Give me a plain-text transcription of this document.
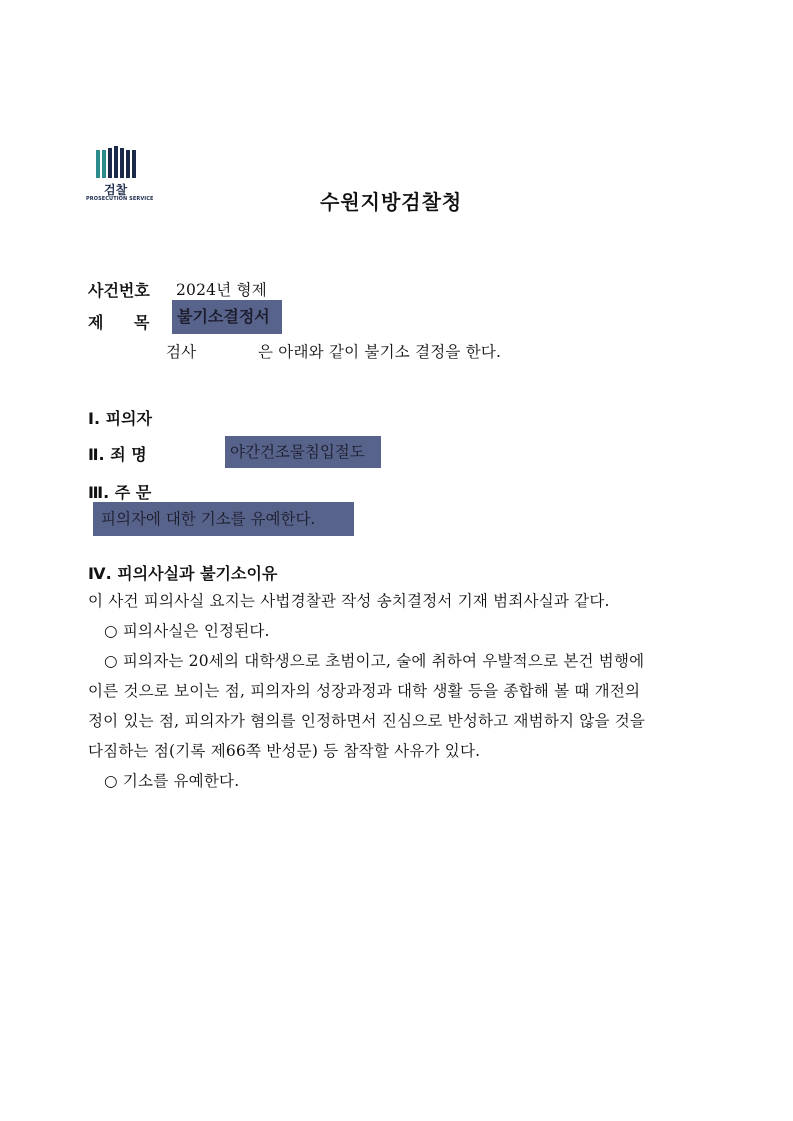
검찰
PROSECUTION SERVICE	수원지방검찰청
사건번호 2024년 형제
제 목	불기소결정서
검사	은 아래와 같이 불기소 결정을 한다.
Ⅰ. 피의자
Ⅱ. 죄 명	야간건조물침입절도
Ⅲ. 주 문
피의자에 대한 기소를 유예한다.
Ⅳ. 피의사실과 불기소이유
이 사건 피의사실 요지는 사법경찰관 작성 송치결정서 기재 범죄사실과 같다.
○ 피의사실은 인정된다.
○ 피의자는 20세의 대학생으로 초범이고, 술에 취하여 우발적으로 본건 범행에
이른 것으로 보이는 점, 피의자의 성장과정과 대학 생활 등을 종합해 볼 때 개전의
정이 있는 점, 피의자가 혐의를 인정하면서 진심으로 반성하고 재범하지 않을 것을
다짐하는 점(기록 제66쪽 반성문) 등 참작할 사유가 있다.
○ 기소를 유예한다.
